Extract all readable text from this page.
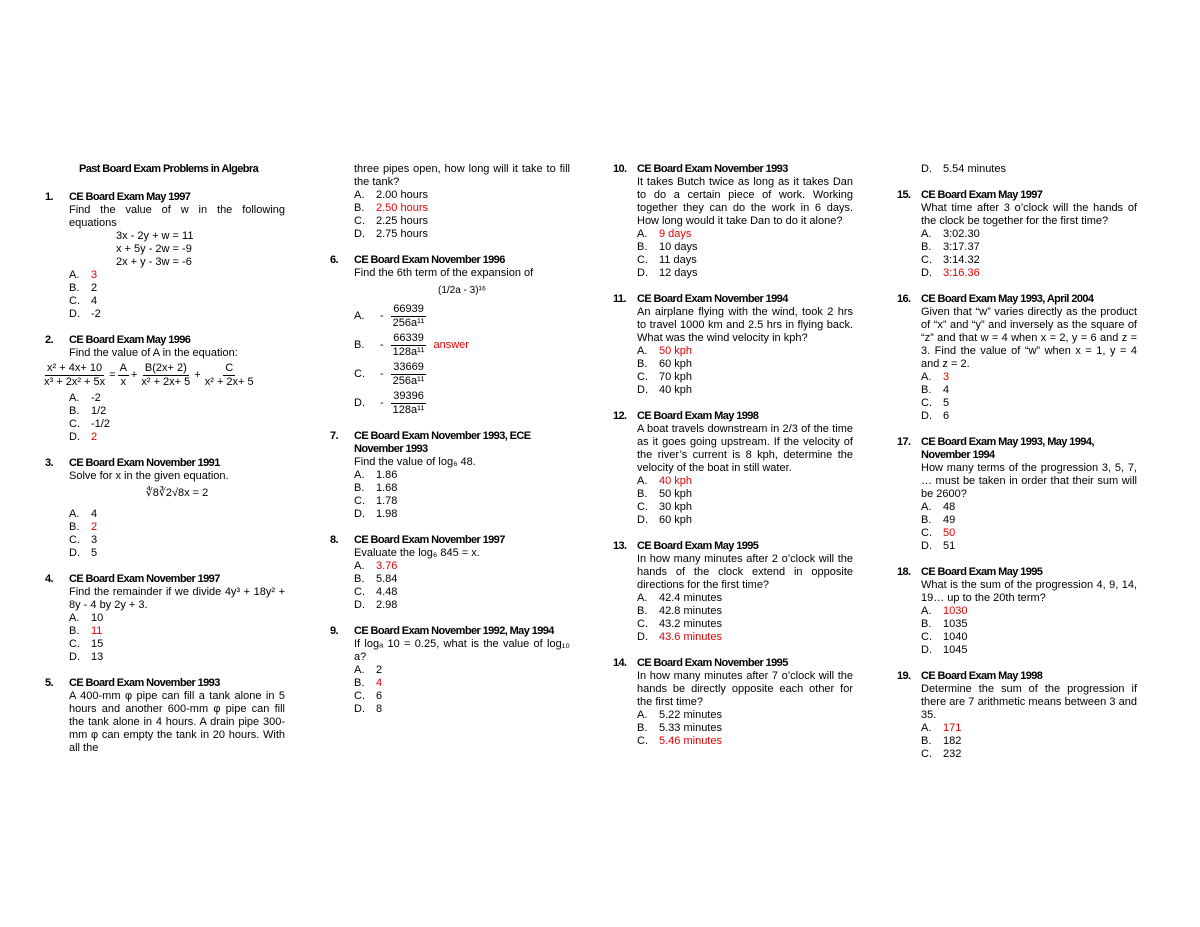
Past Board Exam Problems in Algebra
1.	CE Board Exam May 1997
Find the value of w in the following equations
3x - 2y + w = 11
x + 5y - 2w = -9
2x + y - 3w = -6
A.	3
B.	2
C.	4
D.	-2
2.	CE Board Exam May 1996
Find the value of A in the equation:
$\frac{\text{x² + 4x+ 10}}{\text{x³ + 2x² + 5x}} = \frac{A}{x} + \frac{B(2x+ 2)}{\text{x² + 2x+ 5}} + \frac{C}{\text{x² + 2x+ 5}}$
A.	-2
B.	1/2
C.	-1/2
D.	2
3.	CE Board Exam November 1991
Solve for x in the given equation.
∜8∛2√8x = 2
A.	4
B.	2
C.	3
D.	5
4.	CE Board Exam November 1997
Find the remainder if we divide 4y³ + 18y² + 8y - 4 by 2y + 3.
A.	10
B.	11
C.	15
D.	13
5.	CE Board Exam November 1993
A 400-mm φ pipe can fill a tank alone in 5 hours and another 600-mm φ pipe can fill the tank alone in 4 hours. A drain pipe 300-mm φ can empty the tank in 20 hours. With all the
three pipes open, how long will it take to fill the tank?
A.	2.00 hours
B.	2.50 hours
C.	2.25 hours
D.	2.75 hours
6.	CE Board Exam November 1996
Find the 6th term of the expansion of
(1/2a - 3)¹⁶
A.	- $\frac{66939}{\text{256a¹¹}}$
B.	- $\frac{66339}{\text{128a¹¹}}$ answer
C.	- $\frac{33669}{\text{256a¹¹}}$
D.	- $\frac{39396}{\text{128a¹¹}}$
7.	CE Board Exam November 1993, ECE November 1993
Find the value of log₆ 48.
A.	1.86
B.	1.68
C.	1.78
D.	1.98
8.	CE Board Exam November 1997
Evaluate the log₆ 845 = x.
A.	3.76
B.	5.84
C.	4.48
D.	2.98
9.	CE Board Exam November 1992, May 1994
If logₐ 10 = 0.25, what is the value of log₁₀ a?
A.	2
B.	4
C.	6
D.	8
10. CE Board Exam November 1993
It takes Butch twice as long as it takes Dan to do a certain piece of work. Working together they can do the work in 6 days. How long would it take Dan to do it alone?
A.	9 days
B.	10 days
C.	11 days
D.	12 days
11.	CE Board Exam November 1994
An airplane flying with the wind, took 2 hrs to travel 1000 km and 2.5 hrs in flying back. What was the wind velocity in kph?
A.	50 kph
B.	60 kph
C.	70 kph
D.	40 kph
12. CE Board Exam May 1998
A boat travels downstream in 2/3 of the time as it goes going upstream. If the velocity of the river’s current is 8 kph, determine the velocity of the boat in still water.
A.	40 kph
B.	50 kph
C.	30 kph
D.	60 kph
13. CE Board Exam May 1995
In how many minutes after 2 o’clock will the hands of the clock extend in opposite directions for the first time?
A.	42.4 minutes
B.	42.8 minutes
C.	43.2 minutes
D.	43.6 minutes
14. CE Board Exam November 1995
In how many minutes after 7 o’clock will the hands be directly opposite each other for the first time?
A.	5.22 minutes
B.	5.33 minutes
C.	5.46 minutes
D.	5.54 minutes
15. CE Board Exam May 1997
What time after 3 o’clock will the hands of the clock be together for the first time?
A.	3:02.30
B.	3:17.37
C.	3:14.32
D.	3:16.36
16. CE Board Exam May 1993, April 2004
Given that “w” varies directly as the product of “x” and “y” and inversely as the square of “z” and that w = 4 when x = 2, y = 6 and z = 3. Find the value of “w” when x = 1, y = 4 and z = 2.
A.	3
B.	4
C.	5
D.	6
17. CE Board Exam May 1993, May 1994, November 1994
How many terms of the progression 3, 5, 7, … must be taken in order that their sum will be 2600?
A.	48
B.	49
C.	50
D.	51
18. CE Board Exam May 1995
What is the sum of the progression 4, 9, 14, 19… up to the 20th term?
A.	1030
B.	1035
C.	1040
D.	1045
19. CE Board Exam May 1998
Determine the sum of the progression if there are 7 arithmetic means between 3 and 35.
A.	171
B.	182
C.	232
